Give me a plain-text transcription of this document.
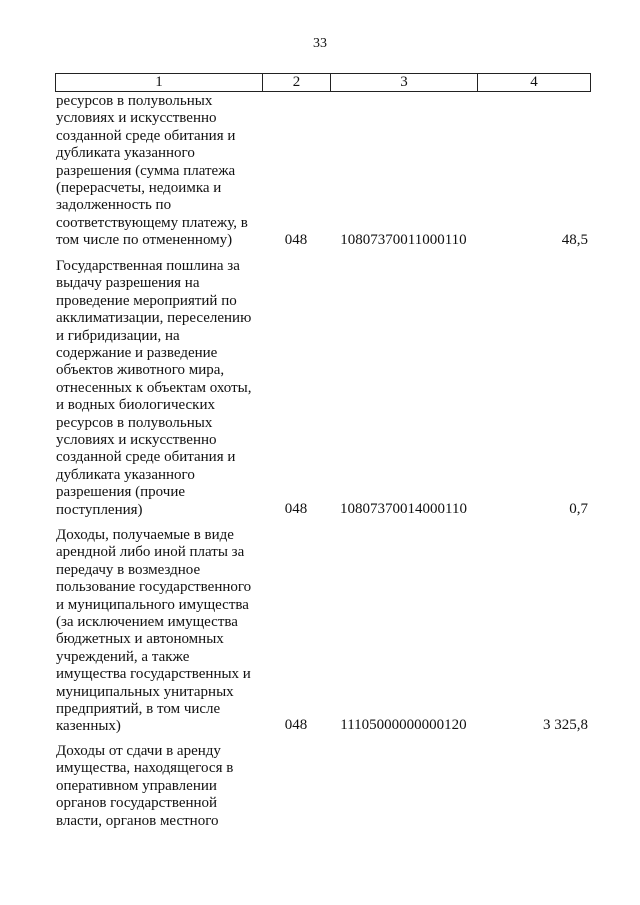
33
1	2	3	4
ресурсов в полувольных
условиях и искусственно
созданной среде обитания и
дубликата указанного
разрешения (сумма платежа
(перерасчеты, недоимка и
задолженность по
соответствующему платежу, в
том числе по отмененному)	048	10807370011000110	48,5
Государственная пошлина за
выдачу разрешения на
проведение мероприятий по
акклиматизации, переселению
и гибридизации, на
содержание и разведение
объектов животного мира,
отнесенных к объектам охоты,
и водных биологических
ресурсов в полувольных
условиях и искусственно
созданной среде обитания и
дубликата указанного
разрешения (прочие
поступления)	048	10807370014000110	0,7
Доходы, получаемые в виде
арендной либо иной платы за
передачу в возмездное
пользование государственного
и муниципального имущества
(за исключением имущества
бюджетных и автономных
учреждений, а также
имущества государственных и
муниципальных унитарных
предприятий, в том числе
казенных)	048	11105000000000120	3 325,8
Доходы от сдачи в аренду
имущества, находящегося в
оперативном управлении
органов государственной
власти, органов местного
